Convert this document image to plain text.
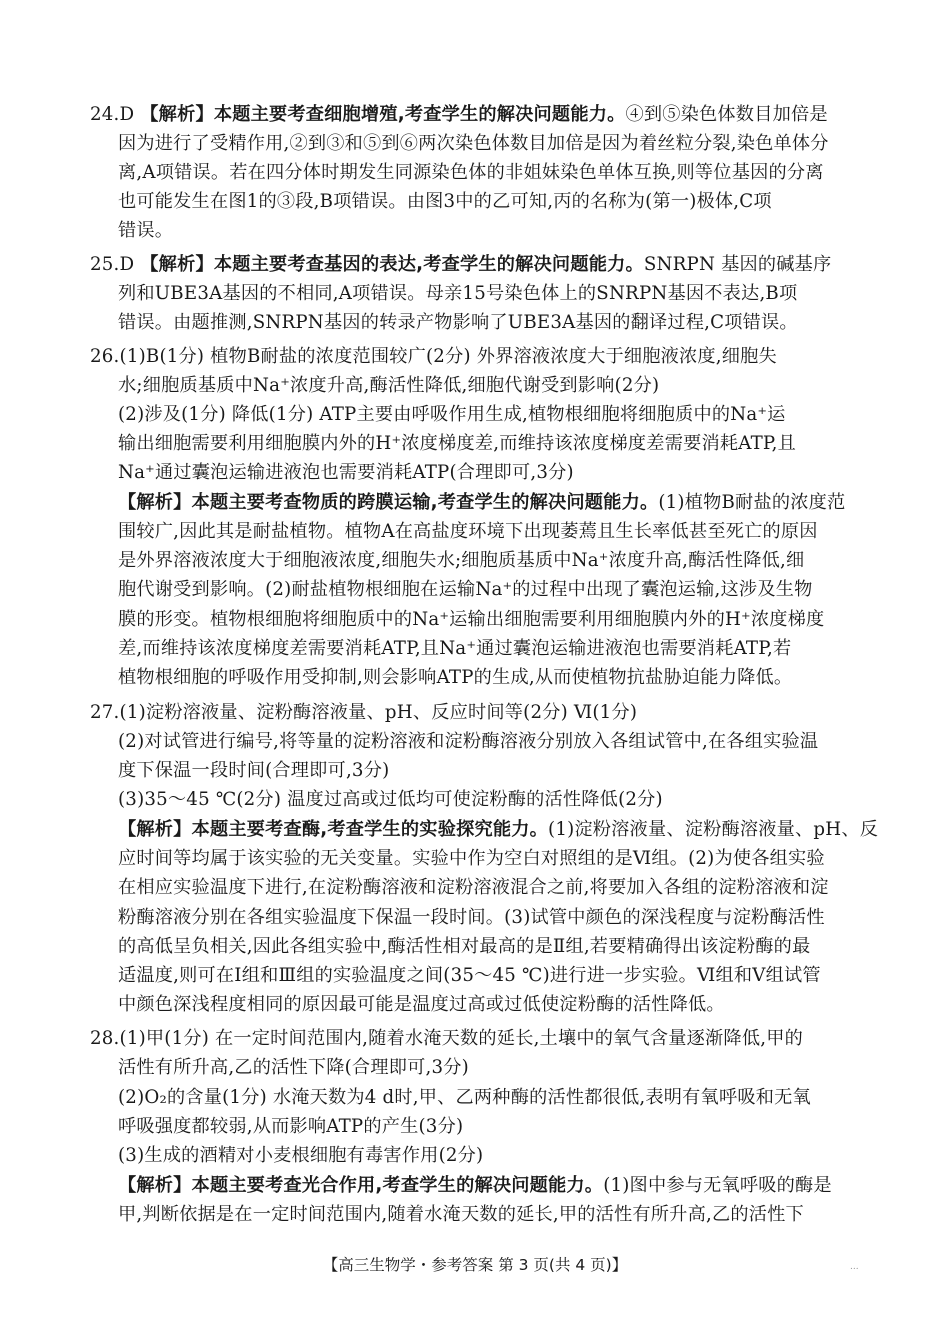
24.D 【解析】本题主要考查细胞增殖,考查学生的解决问题能力。④到⑤染色体数目加倍是
因为进行了受精作用,②到③和⑤到⑥两次染色体数目加倍是因为着丝粒分裂,染色单体分
离,A项错误。若在四分体时期发生同源染色体的非姐妹染色单体互换,则等位基因的分离
也可能发生在图1的③段,B项错误。由图3中的乙可知,丙的名称为(第一)极体,C项
错误。
25.D 【解析】本题主要考查基因的表达,考查学生的解决问题能力。SNRPN 基因的碱基序
列和UBE3A基因的不相同,A项错误。母亲15号染色体上的SNRPN基因不表达,B项
错误。由题推测,SNRPN基因的转录产物影响了UBE3A基因的翻译过程,C项错误。
26.(1)B(1分) 植物B耐盐的浓度范围较广(2分) 外界溶液浓度大于细胞液浓度,细胞失
水;细胞质基质中Na⁺浓度升高,酶活性降低,细胞代谢受到影响(2分)
(2)涉及(1分) 降低(1分) ATP主要由呼吸作用生成,植物根细胞将细胞质中的Na⁺运
输出细胞需要利用细胞膜内外的H⁺浓度梯度差,而维持该浓度梯度差需要消耗ATP,且
Na⁺通过囊泡运输进液泡也需要消耗ATP(合理即可,3分)
【解析】本题主要考查物质的跨膜运输,考查学生的解决问题能力。(1)植物B耐盐的浓度范
围较广,因此其是耐盐植物。植物A在高盐度环境下出现萎蔫且生长率低甚至死亡的原因
是外界溶液浓度大于细胞液浓度,细胞失水;细胞质基质中Na⁺浓度升高,酶活性降低,细
胞代谢受到影响。(2)耐盐植物根细胞在运输Na⁺的过程中出现了囊泡运输,这涉及生物
膜的形变。植物根细胞将细胞质中的Na⁺运输出细胞需要利用细胞膜内外的H⁺浓度梯度
差,而维持该浓度梯度差需要消耗ATP,且Na⁺通过囊泡运输进液泡也需要消耗ATP,若
植物根细胞的呼吸作用受抑制,则会影响ATP的生成,从而使植物抗盐胁迫能力降低。
27.(1)淀粉溶液量、淀粉酶溶液量、pH、反应时间等(2分) Ⅵ(1分)
(2)对试管进行编号,将等量的淀粉溶液和淀粉酶溶液分别放入各组试管中,在各组实验温
度下保温一段时间(合理即可,3分)
(3)35～45 ℃(2分) 温度过高或过低均可使淀粉酶的活性降低(2分)
【解析】本题主要考查酶,考查学生的实验探究能力。(1)淀粉溶液量、淀粉酶溶液量、pH、反
应时间等均属于该实验的无关变量。实验中作为空白对照组的是Ⅵ组。(2)为使各组实验
在相应实验温度下进行,在淀粉酶溶液和淀粉溶液混合之前,将要加入各组的淀粉溶液和淀
粉酶溶液分别在各组实验温度下保温一段时间。(3)试管中颜色的深浅程度与淀粉酶活性
的高低呈负相关,因此各组实验中,酶活性相对最高的是Ⅱ组,若要精确得出该淀粉酶的最
适温度,则可在Ⅰ组和Ⅲ组的实验温度之间(35～45 ℃)进行进一步实验。Ⅵ组和Ⅴ组试管
中颜色深浅程度相同的原因最可能是温度过高或过低使淀粉酶的活性降低。
28.(1)甲(1分) 在一定时间范围内,随着水淹天数的延长,土壤中的氧气含量逐渐降低,甲的
活性有所升高,乙的活性下降(合理即可,3分)
(2)O₂的含量(1分) 水淹天数为4 d时,甲、乙两种酶的活性都很低,表明有氧呼吸和无氧
呼吸强度都较弱,从而影响ATP的产生(3分)
(3)生成的酒精对小麦根细胞有毒害作用(2分)
【解析】本题主要考查光合作用,考查学生的解决问题能力。(1)图中参与无氧呼吸的酶是
甲,判断依据是在一定时间范围内,随着水淹天数的延长,甲的活性有所升高,乙的活性下
【高三生物学・参考答案 第 3 页(共 4 页)】	...
